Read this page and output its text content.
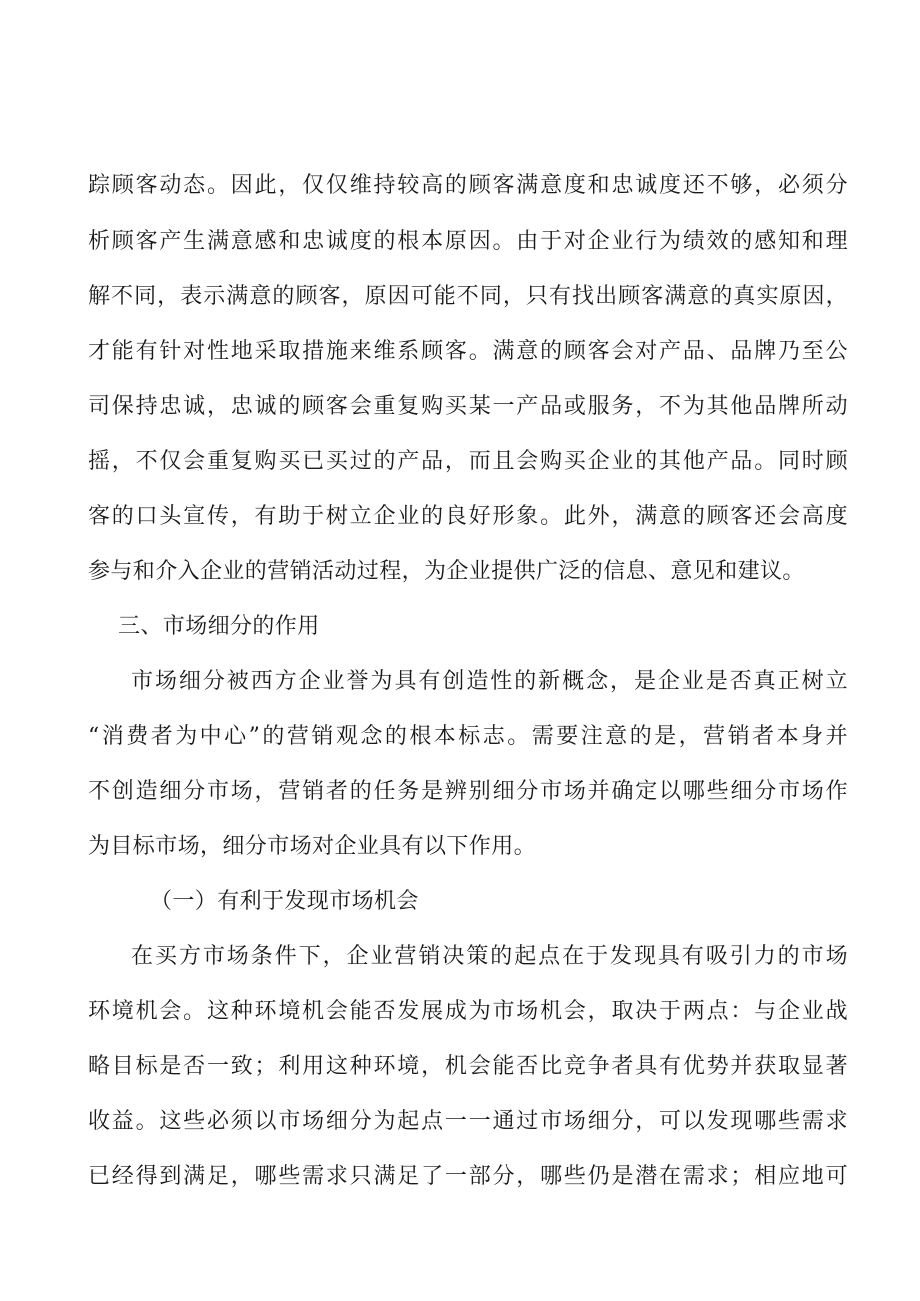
踪顾客动态。因此，仅仅维持较高的顾客满意度和忠诚度还不够，必须分
析顾客产生满意感和忠诚度的根本原因。由于对企业行为绩效的感知和理
解不同，表示满意的顾客，原因可能不同，只有找出顾客满意的真实原因，
才能有针对性地采取措施来维系顾客。满意的顾客会对产品、品牌乃至公
司保持忠诚，忠诚的顾客会重复购买某一产品或服务，不为其他品牌所动
摇，不仅会重复购买已买过的产品，而且会购买企业的其他产品。同时顾
客的口头宣传，有助于树立企业的良好形象。此外，满意的顾客还会高度
参与和介入企业的营销活动过程，为企业提供广泛的信息、意见和建议。
三、市场细分的作用
市场细分被西方企业誉为具有创造性的新概念，是企业是否真正树立
“消费者为中心”的营销观念的根本标志。需要注意的是，营销者本身并
不创造细分市场，营销者的任务是辨别细分市场并确定以哪些细分市场作
为目标市场，细分市场对企业具有以下作用。
（一）有利于发现市场机会
在买方市场条件下，企业营销决策的起点在于发现具有吸引力的市场
环境机会。这种环境机会能否发展成为市场机会，取决于两点：与企业战
略目标是否一致；利用这种环境，机会能否比竞争者具有优势并获取显著
收益。这些必须以市场细分为起点一一通过市场细分，可以发现哪些需求
已经得到满足，哪些需求只满足了一部分，哪些仍是潜在需求；相应地可
